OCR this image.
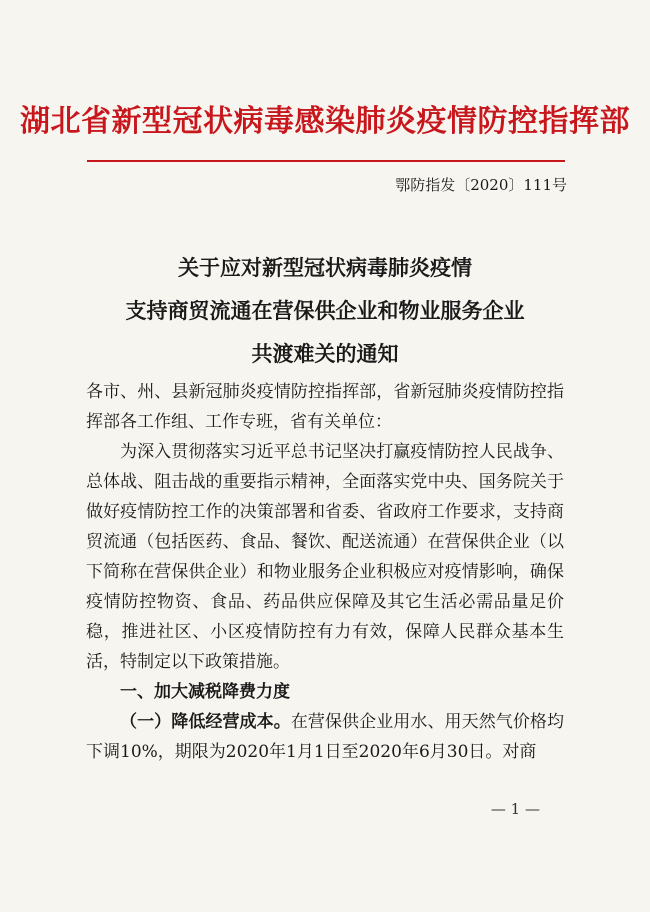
湖北省新型冠状病毒感染肺炎疫情防控指挥部
鄂防指发〔2020〕111号
关于应对新型冠状病毒肺炎疫情
支持商贸流通在营保供企业和物业服务企业
共渡难关的通知

各市、州、县新冠肺炎疫情防控指挥部，省新冠肺炎疫情防控指挥部各工作组、工作专班，省有关单位：

为深入贯彻落实习近平总书记坚决打赢疫情防控人民战争、总体战、阻击战的重要指示精神，全面落实党中央、国务院关于做好疫情防控工作的决策部署和省委、省政府工作要求，支持商贸流通（包括医药、食品、餐饮、配送流通）在营保供企业（以下简称在营保供企业）和物业服务企业积极应对疫情影响，确保疫情防控物资、食品、药品供应保障及其它生活必需品量足价稳，推进社区、小区疫情防控有力有效，保障人民群众基本生活，特制定以下政策措施。

一、加大减税降费力度

（一）降低经营成本。在营保供企业用水、用天然气价格均下调10%，期限为2020年1月1日至2020年6月30日。对商

— 1 —
